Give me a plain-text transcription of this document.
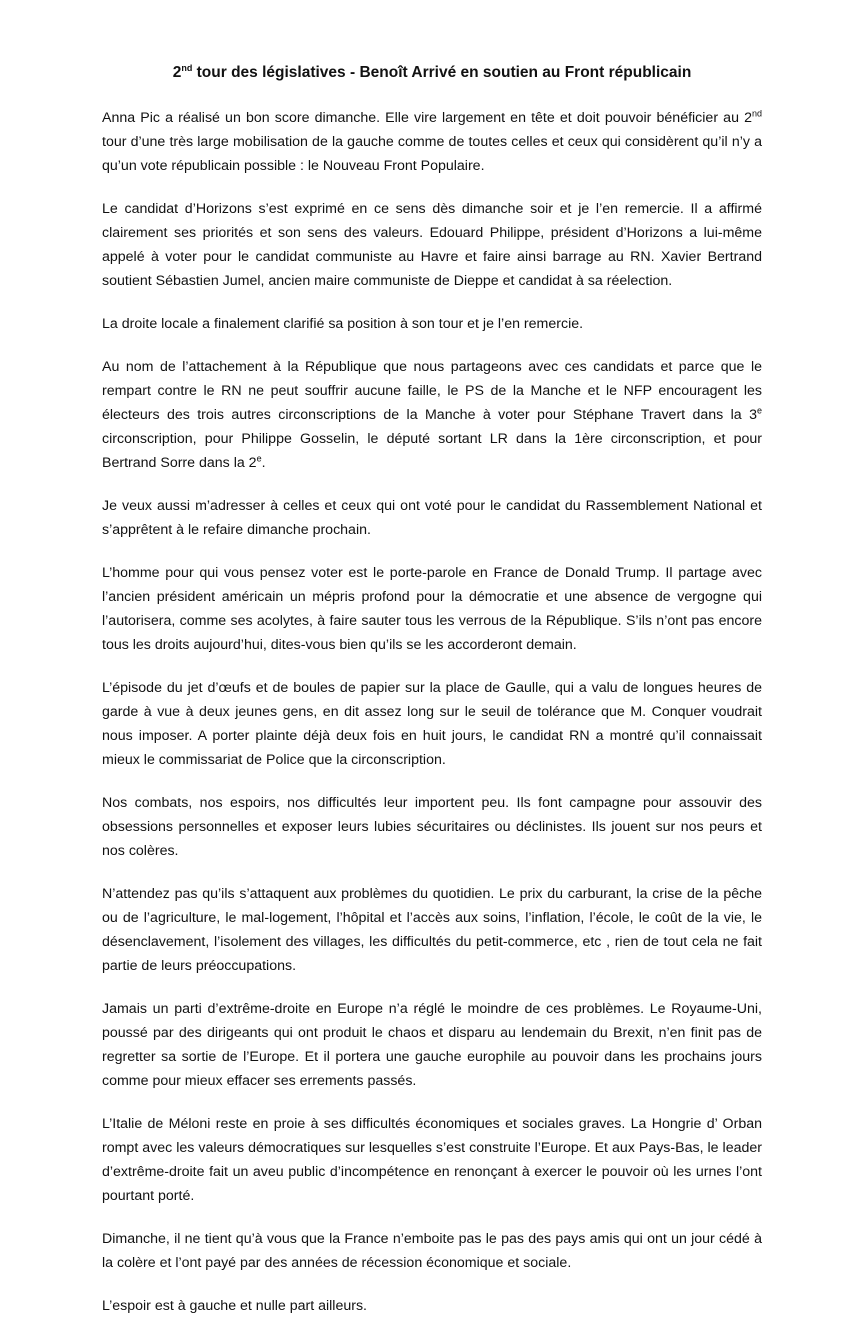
2nd tour des législatives - Benoît Arrivé en soutien au Front républicain

Anna Pic a réalisé un bon score dimanche. Elle vire largement en tête et doit pouvoir bénéficier au 2nd tour d’une très large mobilisation de la gauche comme de toutes celles et ceux qui considèrent qu’il n’y a qu’un vote républicain possible : le Nouveau Front Populaire.

Le candidat d’Horizons s’est exprimé en ce sens dès dimanche soir et je l’en remercie. Il a affirmé clairement ses priorités et son sens des valeurs. Edouard Philippe, président d’Horizons a lui-même appelé à voter pour le candidat communiste au Havre et faire ainsi barrage au RN. Xavier Bertrand soutient Sébastien Jumel, ancien maire communiste de Dieppe et candidat à sa réelection.

La droite locale a finalement clarifié sa position à son tour et je l’en remercie.

Au nom de l’attachement à la République que nous partageons avec ces candidats et parce que le rempart contre le RN ne peut souffrir aucune faille, le PS de la Manche et le NFP encouragent les électeurs des trois autres circonscriptions de la Manche à voter pour Stéphane Travert dans la 3e circonscription, pour Philippe Gosselin, le député sortant LR dans la 1ère circonscription, et pour Bertrand Sorre dans la 2e.

Je veux aussi m’adresser à celles et ceux qui ont voté pour le candidat du Rassemblement National et s’apprêtent à le refaire dimanche prochain.

L’homme pour qui vous pensez voter est le porte-parole en France de Donald Trump. Il partage avec l’ancien président américain un mépris profond pour la démocratie et une absence de vergogne qui l’autorisera, comme ses acolytes, à faire sauter tous les verrous de la République. S’ils n’ont pas encore tous les droits aujourd’hui, dites-vous bien qu’ils se les accorderont demain.

L’épisode du jet d’œufs et de boules de papier sur la place de Gaulle, qui a valu de longues heures de garde à vue à deux jeunes gens, en dit assez long sur le seuil de tolérance que M. Conquer voudrait nous imposer. A porter plainte déjà deux fois en huit jours, le candidat RN a montré qu’il connaissait mieux le commissariat de Police que la circonscription.

Nos combats, nos espoirs, nos difficultés leur importent peu. Ils font campagne pour assouvir des obsessions personnelles et exposer leurs lubies sécuritaires ou déclinistes. Ils jouent sur nos peurs et nos colères.

N’attendez pas qu’ils s’attaquent aux problèmes du quotidien. Le prix du carburant, la crise de la pêche ou de l’agriculture, le mal-logement, l’hôpital et l’accès aux soins, l’inflation, l’école, le coût de la vie, le désenclavement, l’isolement des villages, les difficultés du petit-commerce, etc , rien de tout cela ne fait partie de leurs préoccupations.

Jamais un parti d’extrême-droite en Europe n’a réglé le moindre de ces problèmes. Le Royaume-Uni, poussé par des dirigeants qui ont produit le chaos et disparu au lendemain du Brexit, n’en finit pas de regretter sa sortie de l’Europe. Et il portera une gauche europhile au pouvoir dans les prochains jours comme pour mieux effacer ses errements passés.

L’Italie de Méloni reste en proie à ses difficultés économiques et sociales graves. La Hongrie d’ Orban rompt avec les valeurs démocratiques sur lesquelles s’est construite l’Europe. Et aux Pays-Bas, le leader d’extrême-droite fait un aveu public d’incompétence en renonçant à exercer le pouvoir où les urnes l’ont pourtant porté.

Dimanche, il ne tient qu’à vous que la France n’emboite pas le pas des pays amis qui ont un jour cédé à la colère et l’ont payé par des années de récession économique et sociale.

L’espoir est à gauche et nulle part ailleurs.
